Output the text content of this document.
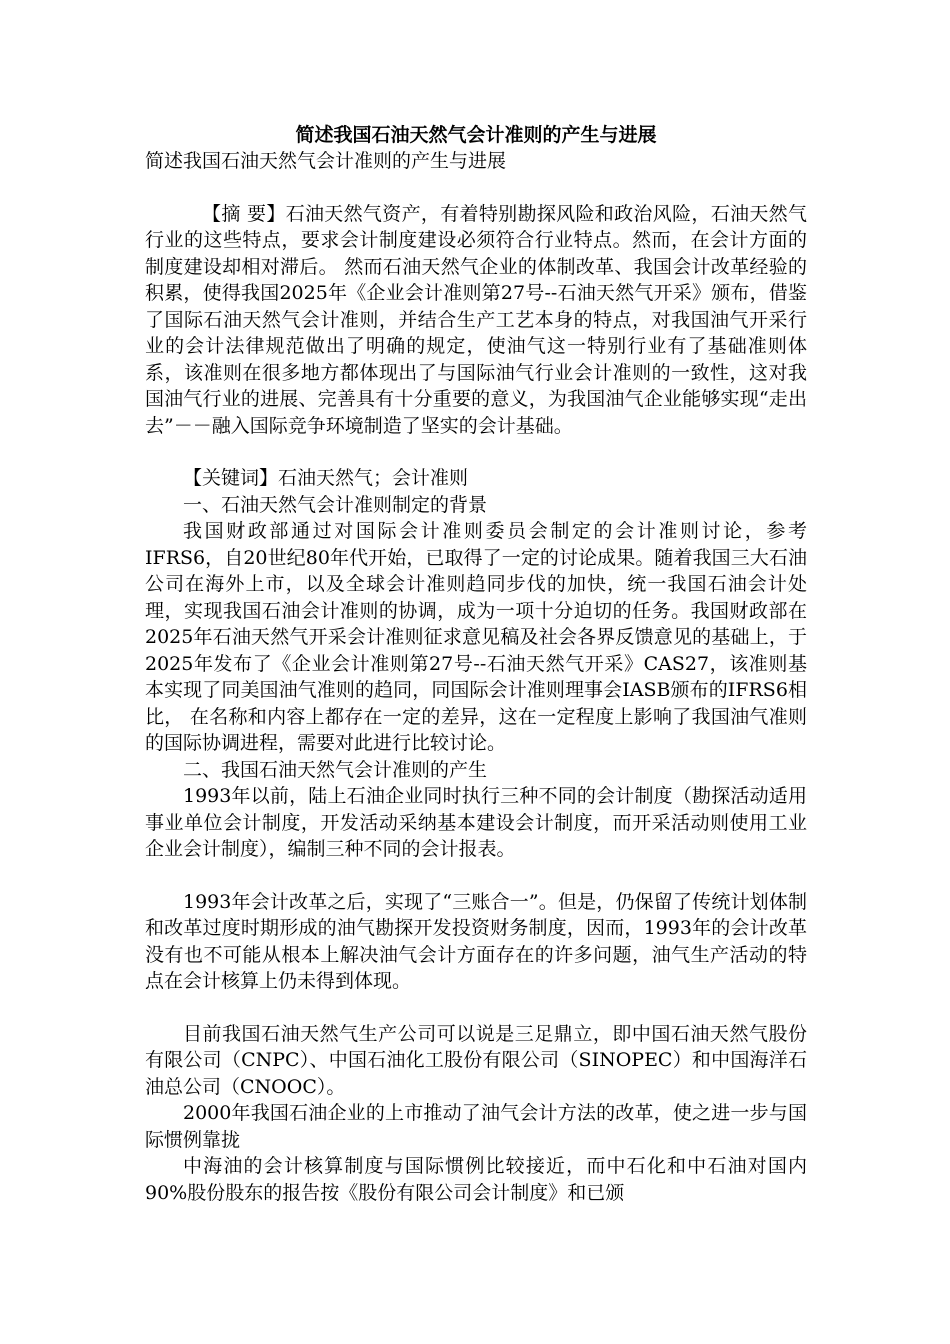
简述我国石油天然气会计准则的产生与进展

简述我国石油天然气会计准则的产生与进展

【摘 要】石油天然气资产，有着特别勘探风险和政治风险，石油天然气行业的这些特点，要求会计制度建设必须符合行业特点。然而，在会计方面的制度建设却相对滞后。 然而石油天然气企业的体制改革、我国会计改革经验的积累，使得我国2025年《企业会计准则第27号--石油天然气开采》颁布，借鉴了国际石油天然气会计准则，并结合生产工艺本身的特点，对我国油气开采行业的会计法律规范做出了明确的规定，使油气这一特别行业有了基础准则体系，该准则在很多地方都体现出了与国际油气行业会计准则的一致性，这对我国油气行业的进展、完善具有十分重要的意义，为我国油气企业能够实现“走出去”－－融入国际竞争环境制造了坚实的会计基础。

【关键词】石油天然气；会计准则

一、石油天然气会计准则制定的背景

我国财政部通过对国际会计准则委员会制定的会计准则讨论，参考IFRS6，自20世纪80年代开始，已取得了一定的讨论成果。随着我国三大石油公司在海外上市，以及全球会计准则趋同步伐的加快，统一我国石油会计处理，实现我国石油会计准则的协调，成为一项十分迫切的任务。我国财政部在2025年石油天然气开采会计准则征求意见稿及社会各界反馈意见的基础上，于2025年发布了《企业会计准则第27号--石油天然气开采》CAS27，该准则基本实现了同美国油气准则的趋同，同国际会计准则理事会IASB颁布的IFRS6相比， 在名称和内容上都存在一定的差异，这在一定程度上影响了我国油气准则的国际协调进程，需要对此进行比较讨论。

二、我国石油天然气会计准则的产生

1993年以前，陆上石油企业同时执行三种不同的会计制度（勘探活动适用事业单位会计制度，开发活动采纳基本建设会计制度，而开采活动则使用工业企业会计制度），编制三种不同的会计报表。

1993年会计改革之后，实现了“三账合一”。但是，仍保留了传统计划体制和改革过度时期形成的油气勘探开发投资财务制度，因而，1993年的会计改革没有也不可能从根本上解决油气会计方面存在的许多问题，油气生产活动的特点在会计核算上仍未得到体现。

目前我国石油天然气生产公司可以说是三足鼎立，即中国石油天然气股份有限公司（CNPC）、中国石油化工股份有限公司（SINOPEC）和中国海洋石油总公司（CNOOC）。

2000年我国石油企业的上市推动了油气会计方法的改革，使之进一步与国际惯例靠拢

中海油的会计核算制度与国际惯例比较接近，而中石化和中石油对国内90%股份股东的报告按《股份有限公司会计制度》和已颁
